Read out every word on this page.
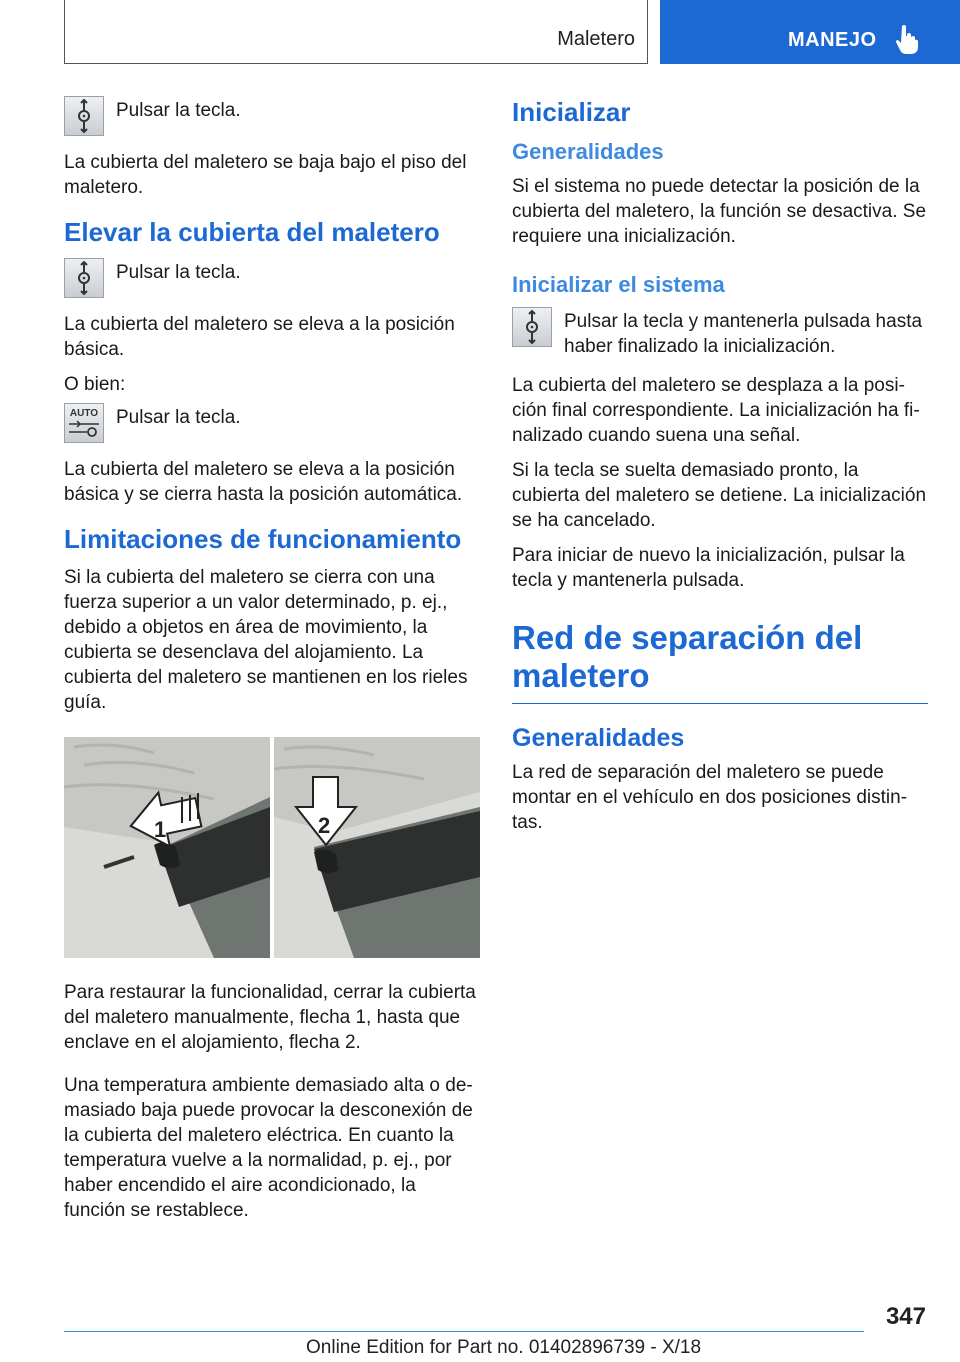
Maletero	MANEJO
Pulsar la tecla.

La cubierta del maletero se baja bajo el piso del maletero.

Elevar la cubierta del maletero
Pulsar la tecla.

La cubierta del maletero se eleva a la posición básica.

O bien:

AUTO Pulsar la tecla.

La cubierta del maletero se eleva a la posición básica y se cierra hasta la posición automática.

Limitaciones de funcionamiento

Si la cubierta del maletero se cierra con una fuerza superior a un valor determinado, p. ej., debido a objetos en área de movimiento, la cubierta se desenclava del alojamiento. La cubierta del maletero se mantienen en los rieles guía.

1	2

Para restaurar la funcionalidad, cerrar la cubierta del maletero manualmente, flecha 1, hasta que enclave en el alojamiento, flecha 2.

Una temperatura ambiente demasiado alta o demasiado baja puede provocar la desconexión de la cubierta del maletero eléctrica. En cuanto la temperatura vuelve a la normalidad, p. ej., por haber encendido el aire acondicionado, la función se restablece.

Inicializar
Generalidades

Si el sistema no puede detectar la posición de la cubierta del maletero, la función se desactiva. Se requiere una inicialización.

Inicializar el sistema
Pulsar la tecla y mantenerla pulsada hasta haber finalizado la inicialización.

La cubierta del maletero se desplaza a la posición final correspondiente. La inicialización ha finalizado cuando suena una señal.

Si la tecla se suelta demasiado pronto, la cubierta del maletero se detiene. La inicialización se ha cancelado.

Para iniciar de nuevo la inicialización, pulsar la tecla y mantenerla pulsada.

Red de separación del maletero
Generalidades

La red de separación del maletero se puede montar en el vehículo en dos posiciones distintas.

347
Online Edition for Part no. 01402896739 - X/18
